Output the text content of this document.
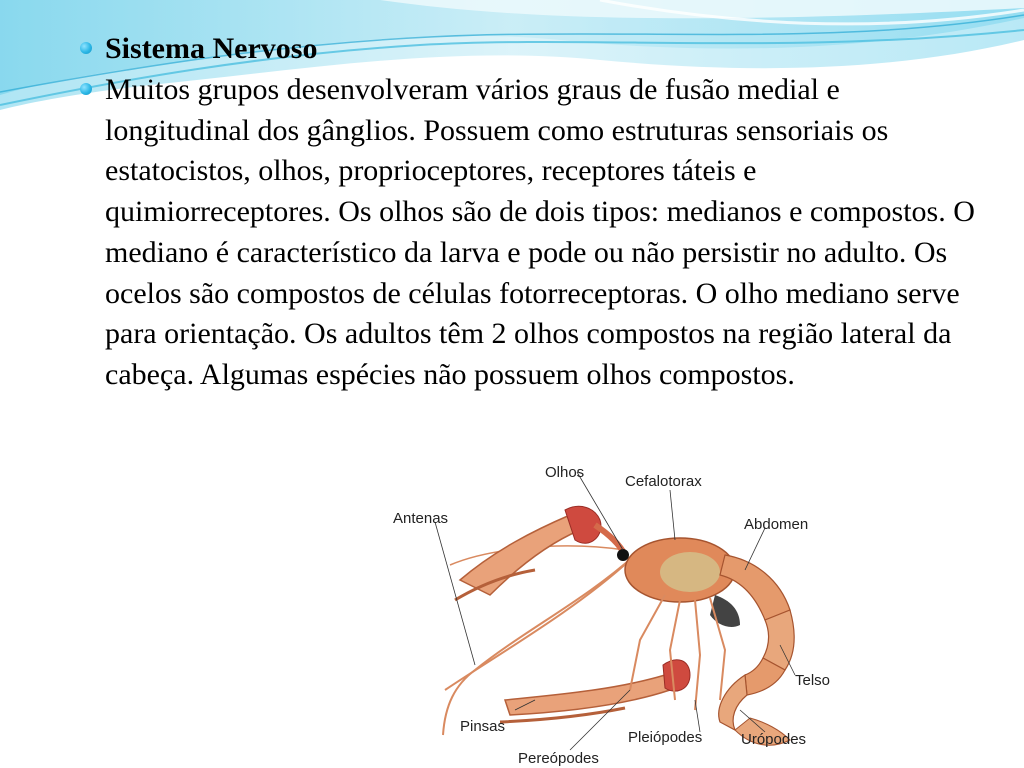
Sistema Nervoso
Muitos grupos desenvolveram vários graus de fusão medial e longitudinal dos gânglios. Possuem como estruturas sensoriais os estatocistos, olhos, proprioceptores, receptores táteis e quimiorreceptores. Os olhos são de dois tipos: medianos e compostos. O mediano é característico da larva e pode ou não persistir no adulto. Os ocelos são compostos de células fotorreceptoras. O olho mediano serve para orientação. Os adultos têm 2 olhos compostos na região lateral da cabeça. Algumas espécies não possuem olhos compostos.
Olhos
Cefalotorax
Antenas	Abdomen
Telso
Pinsas
Pleiópodes	Urópodes
Pereópodes
